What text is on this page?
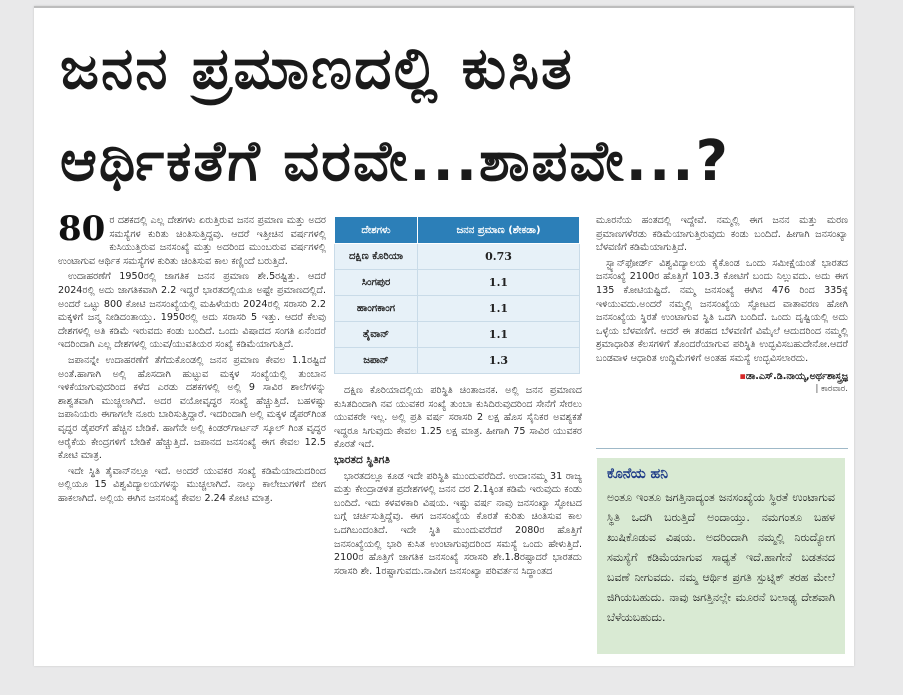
ಜನನ ಪ್ರಮಾಣದಲ್ಲಿ ಕುಸಿತ
ಆರ್ಥಿಕತೆಗೆ ವರವೇ...ಶಾಪವೇ...?
80 ರ ದಶಕದಲ್ಲಿ ಎಲ್ಲ ದೇಶಗಳು ಏರುತ್ತಿರುವ ಜನನ ಪ್ರಮಾಣ ಮತ್ತು ಅದರ ಸಮಸ್ಯೆಗಳ ಕುರಿತು ಚಿಂತಿಸುತ್ತಿದ್ದವು. ಆದರೆ ಇತ್ತೀಚಿನ ವರ್ಷಗಳಲ್ಲಿ ಕುಸಿಯುತ್ತಿರುವ ಜನಸಂಖ್ಯೆ ಮತ್ತು ಅದರಿಂದ ಮುಂಬರುವ ವರ್ಷಗಳಲ್ಲಿ ಉಂಟಾಗುವ ಆರ್ಥಿಕ ಸಮಸ್ಯೆಗಳ ಕುರಿತು ಚಿಂತಿಸುವ ಕಾಲ ಕಣ್ಣಿಂದೆ ಬರುತ್ತಿದೆ.

ಉದಾಹರಣೆಗೆ 1950ರಲ್ಲಿ ಜಾಗತಿಕ ಜನನ ಪ್ರಮಾಣ ಶೇ.5ರಷ್ಟಿತ್ತು. ಆದರೆ 2024ರಲ್ಲಿ ಅದು ಜಾಗತಿಕವಾಗಿ 2.2 ಇದ್ದರೆ ಭಾರತದಲ್ಲಿಯೂ ಅಷ್ಟೇ ಪ್ರಮಾಣದಲ್ಲಿದೆ. ಅಂದರೆ ಒಟ್ಟು 800 ಕೋಟಿ ಜನಸಂಖ್ಯೆಯಲ್ಲಿ ಮಹಿಳೆಯರು 2024ರಲ್ಲಿ ಸರಾಸರಿ 2.2 ಮಕ್ಕಳಿಗೆ ಜನ್ಮ ನೀಡಿದಂತಾಯ್ತು. 1950ರಲ್ಲಿ ಅದು ಸರಾಸರಿ 5 ಇತ್ತು. ಆದರೆ ಕೆಲವು ದೇಶಗಳಲ್ಲಿ ಅತಿ ಕಡಿಮೆ ಇರುವದು ಕಂಡು ಬಂದಿದೆ. ಒಂದು ವಿಷಾದದ ಸಂಗತಿ ಏನೆಂದರೆ ಇದರಿಂದಾಗಿ ಎಲ್ಲ ದೇಶಗಳಲ್ಲಿ ಯುವ/ಯುವತಿಯರ ಸಂಖ್ಯೆ ಕಡಿಮೆಯಾಗುತ್ತಿದೆ.

ಜಪಾನನ್ನೇ ಉದಾಹರಣೆಗೆ ತೆಗೆದುಕೊಂಡಲ್ಲಿ ಜನನ ಪ್ರಮಾಣ ಕೇವಲ 1.1ರಷ್ಟಿದೆ ಅಂತೆ.ಹಾಗಾಗಿ ಅಲ್ಲಿ ಹೊಸದಾಗಿ ಹುಟ್ಟುವ ಮಕ್ಕಳ ಸಂಖ್ಯೆಯಲ್ಲಿ ತುಂಬಾನ ಇಳಿಕೆಯಾಗುವುದರಿಂದ ಕಳೆದ ಎರಡು ದಶಕಗಳಲ್ಲಿ ಅಲ್ಲಿ 9 ಸಾವಿರ ಶಾಲೆಗಳನ್ನು ಶಾಶ್ವತವಾಗಿ ಮುಚ್ಚಲಾಗಿದೆ. ಅದರ ವಯೋವೃದ್ಧರ ಸಂಖ್ಯೆ ಹೆಚ್ಚುತ್ತಿದೆ. ಬಹಳಷ್ಟು ಜಪಾನಿಯರು ಈಗಾಗಲೇ ನೂರು ಬಾರಿಸುತ್ತಿದ್ದಾರೆ. ಇದರಿಂದಾಗಿ ಅಲ್ಲಿ ಮಕ್ಕಳ ಡೈಪರ್‌ಗಿಂತ ವೃದ್ಧರ ಡೈಪರ್‌ಗೆ ಹೆಚ್ಚಿನ ಬೇಡಿಕೆ. ಹಾಗೆನೇ ಅಲ್ಲಿ ಕಿಂಡರ್‌ಗಾರ್ಟನ್ ಸ್ಕೂಲ್ ಗಿಂತ ವೃದ್ಧರ ಆರೈಕೆಯ ಕೇಂದ್ರಗಳಿಗೆ ಬೇಡಿಕೆ ಹೆಚ್ಚುತ್ತಿದೆ. ಜಪಾನದ ಜನಸಂಖ್ಯೆ ಈಗ ಕೇವಲ 12.5 ಕೋಟಿ ಮಾತ್ರ.

ಇದೇ ಸ್ಥಿತಿ ತೈವಾನ್‌ನಲ್ಲೂ ಇದೆ. ಅಂದರೆ ಯುವಕರ ಸಂಖ್ಯೆ ಕಡಿಮೆಯಾದುದರಿಂದ ಅಲ್ಲಿಯೂ 15 ವಿಶ್ವವಿದ್ಯಾಲಯಗಳನ್ನು ಮುಚ್ಚಲಾಗಿದೆ. ನಾಲ್ಕು ಕಾಲೇಜುಗಳಿಗೆ ಬೀಗ ಹಾಕಲಾಗಿದೆ. ಅಲ್ಲಿಯ ಈಗಿನ ಜನಸಂಖ್ಯೆ ಕೇವಲ 2.24 ಕೋಟಿ ಮಾತ್ರ.

ದೇಶಗಳು	ಜನನ ಪ್ರಮಾಣ (ಶೇಕಡಾ)
ದಕ್ಷಿಣ ಕೊರಿಯಾ	0.73
ಸಿಂಗಪುರ	1.1
ಹಾಂಗಕಾಂಗ	1.1
ತೈವಾನ್	1.1
ಜಪಾನ್	1.3

ದಕ್ಷಿಣ ಕೊರಿಯಾದಲ್ಲಿಯ ಪರಿಸ್ಥಿತಿ ಚಿಂತಾಜನಕ. ಅಲ್ಲಿ ಜನನ ಪ್ರಮಾಣದ ಕುಸಿತದಿಂದಾಗಿ ನವ ಯುವಕರ ಸಂಖ್ಯೆ ತುಂಬಾ ಕುಸಿದಿರುವುದರಿಂದ ಸೇನೆಗೆ ಸೇರಲು ಯುವಕರೇ ಇಲ್ಲ. ಅಲ್ಲಿ ಪ್ರತಿ ವರ್ಷ ಸರಾಸರಿ 2 ಲಕ್ಷ ಹೊಸ ಸೈನಿಕರ ಅವಶ್ಯಕತೆ ಇದ್ದರೂ ಸಿಗುವುದು ಕೇವಲ 1.25 ಲಕ್ಷ ಮಾತ್ರ. ಹೀಗಾಗಿ 75 ಸಾವಿರ ಯುವಕರ ಕೊರತೆ ಇದೆ.

ಭಾರತದ ಸ್ಥಿತಿಗತಿ

ಭಾರತದಲ್ಲೂ ಕೂಡ ಇದೇ ಪರಿಸ್ಥಿತಿ ಮುಂದುವರೆದಿದೆ. ಉದಾ:ನಮ್ಮ 31 ರಾಜ್ಯ ಮತ್ತು ಕೇಂದ್ರಾಡಳಿತ ಪ್ರದೇಶಗಳಲ್ಲಿ ಜನನ ದರ 2.1ಕ್ಕಿಂತ ಕಡಿಮೆ ಇರುವುದು ಕಂಡು ಬಂದಿದೆ. ಇದು ಕಳವಳಕಾರಿ ವಿಷಯ. ಇಷ್ಟು ವರ್ಷ ನಾವು ಜನಸಂಖ್ಯಾ ಸ್ಫೋಟದ ಬಗ್ಗೆ ಚರ್ಚಿಸುತ್ತಿದ್ದೆವು. ಈಗ ಜನಸಂಖ್ಯೆಯ ಕೊರತೆ ಕುರಿತು ಚಿಂತಿಸುವ ಕಾಲ ಒದಗಿಬಂದಂತಿದೆ. ಇದೇ ಸ್ಥಿತಿ ಮುಂದುವರೆದರೆ 2080ರ ಹೊತ್ತಿಗೆ ಜನಸಂಖ್ಯೆಯಲ್ಲಿ ಭಾರಿ ಕುಸಿತ ಉಂಟಾಗುವುದರಿಂದ ಸಮಸ್ಯೆ ಒಂದು ಹೇಳುತ್ತಿದೆ. 2100ರ ಹೊತ್ತಿಗೆ ಜಾಗತಿಕ ಜನಸಂಖ್ಯೆ ಸರಾಸರಿ ಶೇ.1.8ರಷ್ಟಾದರೆ ಭಾರತದು ಸರಾಸರಿ ಶೇ. 1ರಷ್ಟಾಗುವದು.ನಾವೀಗ ಜನಸಂಖ್ಯಾ ಪರಿವರ್ತನ ಸಿದ್ಧಾಂತದ

ಮೂರನೆಯ ಹಂತದಲ್ಲಿ ಇದ್ದೇವೆ. ನಮ್ಮಲ್ಲಿ ಈಗ ಜನನ ಮತ್ತು ಮರಣ ಪ್ರಮಾಣಗಳೆರಡು ಕಡಿಮೆಯಾಗುತ್ತಿರುವುದು ಕಂಡು ಬಂದಿದೆ. ಹೀಗಾಗಿ ಜನಸಂಖ್ಯಾ ಬೆಳವಣಿಗೆ ಕಡಿಮೆಯಾಗುತ್ತಿದೆ.

ಸ್ಟ್ಯಾನ್‌ಫೋರ್ಡ್ ವಿಶ್ವವಿದ್ಯಾಲಯ ಕೈಕೊಂಡ ಒಂದು ಸಮೀಕ್ಷೆಯಂತೆ ಭಾರತದ ಜನಸಂಖ್ಯೆ 2100ರ ಹೊತ್ತಿಗೆ 103.3 ಕೋಟಿಗೆ ಬಂದು ನಿಲ್ಲುವದು. ಅದು ಈಗ 135 ಕೋಟಿಯಷ್ಟಿದೆ. ನಮ್ಮ ಜನಸಂಖ್ಯೆ ಈಗಿನ 476 ರಿಂದ 335ಕ್ಕೆ ಇಳಿಯುವದು.ಅಂದರೆ ನಮ್ಮಲ್ಲಿ ಜನಸಂಖ್ಯೆಯ ಸ್ಫೋಟದ ವಾತಾವರಣ ಹೋಗಿ ಜನಸಂಖ್ಯೆಯ ಸ್ಥಿರತೆ ಉಂಟಾಗುವ ಸ್ಥಿತಿ ಒದಗಿ ಬಂದಿದೆ. ಒಂದು ದೃಷ್ಟಿಯಲ್ಲಿ ಅದು ಒಳ್ಳೆಯ ಬೆಳವಣಿಗೆ. ಆದರೆ ಈ ತರಹದ ಬೆಳವಣಿಗೆ ವಿಮೈಲೆ ಆದುದರಿಂದ ನಮ್ಮಲ್ಲಿ ಶ್ರಮಾಧಾರಿತ ಕೆಲಸಗಳಿಗೆ ತೊಂದರೆಯಾಗುವ ಪರಿಸ್ಥಿತಿ ಉದ್ಭವಿಸಬಹುದೇನೋ.ಆದರೆ ಬಂಡವಾಳ ಆಧಾರಿತ ಉದ್ದಿಮೆಗಳಿಗೆ ಅಂತಹ ಸಮಸ್ಯೆ ಉದ್ಭವಿಸಲಾರದು.

▪ಡಾ.ಎಸ್.ಡಿ.ನಾಯ್ಕ,ಅರ್ಥಶಾಸ್ತ್ರಜ್ಞ
| ಕಾರವಾರ.
ಕೊನೆಯ ಹನಿ
ಅಂತೂ ಇಂತೂ ಜಗತ್ತಿನಾದ್ಯಂತ ಜನಸಂಖ್ಯೆಯ ಸ್ಥಿರತೆ ಉಂಟಾಗುವ ಸ್ಥಿತಿ ಒದಗಿ ಬರುತ್ತಿದೆ ಅಂದಾಯ್ತು. ನಮಗಂತೂ ಬಹಳ ಖುಷಿಕೊಡುವ ವಿಷಯ. ಅದರಿಂದಾಗಿ ನಮ್ಮಲ್ಲಿ ನಿರುದ್ಯೋಗ ಸಮಸ್ಯೆಗೆ ಕಡಿಮೆಯಾಗುವ ಸಾಧ್ಯತೆ ಇದೆ.ಹಾಗೇನೆ ಬಡತನದ ಬವಣೆ ನೀಗುವದು. ನಮ್ಮ ಆರ್ಥಿಕ ಪ್ರಗತಿ ಸ್ಪುಟ್ನಿಕ್ ತರಹ ಮೇಲೆ ಜಿಗಿಯಬಹುದು. ನಾವು ಜಗತ್ತಿನಲ್ಲೇ ಮೂರನೆ ಬಲಾಢ್ಯ ದೇಶವಾಗಿ ಬೆಳೆಯಬಹುದು.
